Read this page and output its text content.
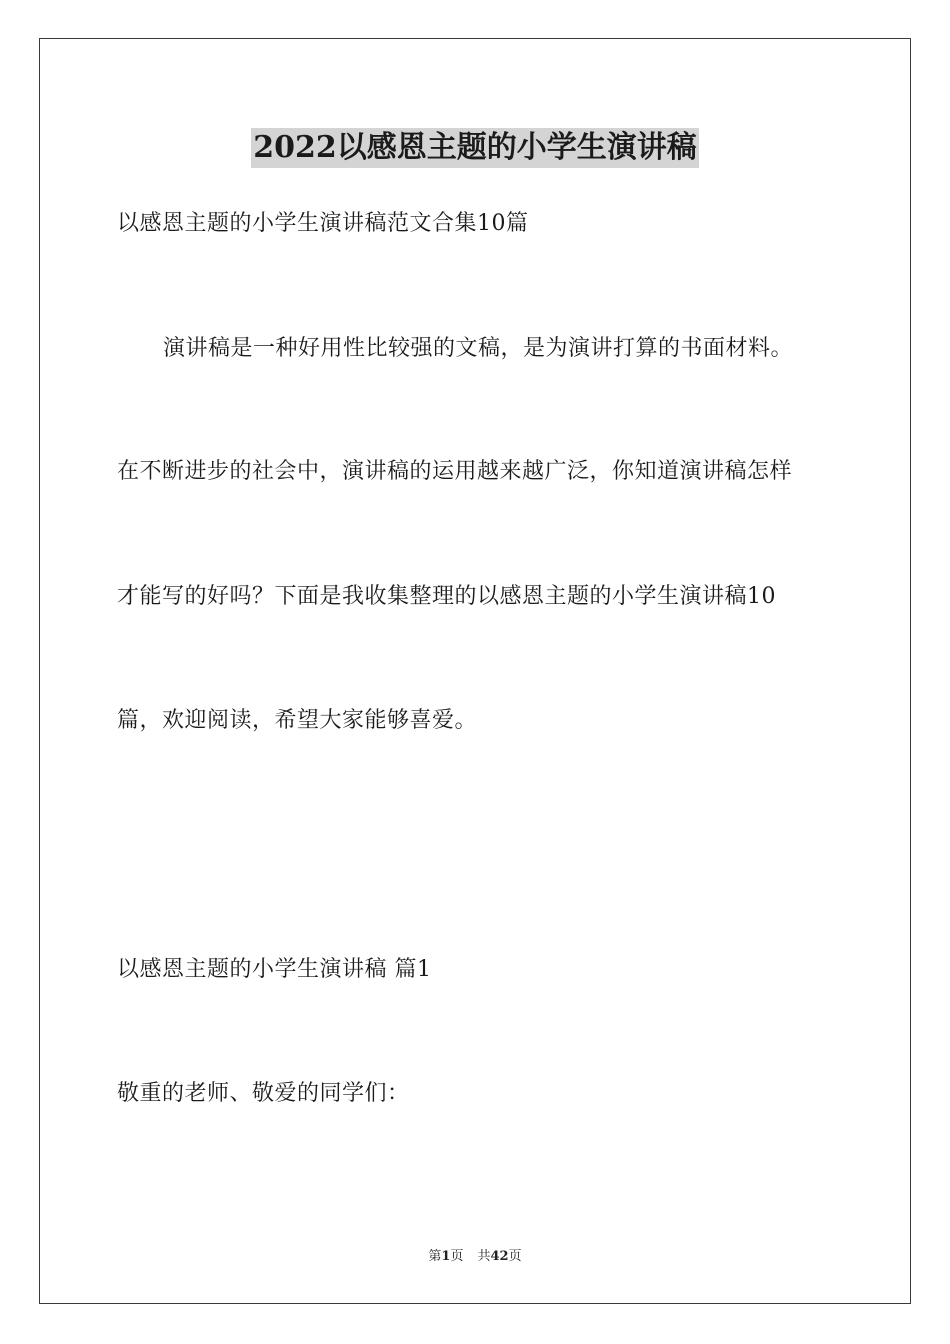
2022以感恩主题的小学生演讲稿
以感恩主题的小学生演讲稿范文合集10篇
演讲稿是一种好用性比较强的文稿，是为演讲打算的书面材料。
在不断进步的社会中，演讲稿的运用越来越广泛，你知道演讲稿怎样
才能写的好吗？下面是我收集整理的以感恩主题的小学生演讲稿10
篇，欢迎阅读，希望大家能够喜爱。
以感恩主题的小学生演讲稿 篇1
敬重的老师、敬爱的同学们：
第1页 共42页
